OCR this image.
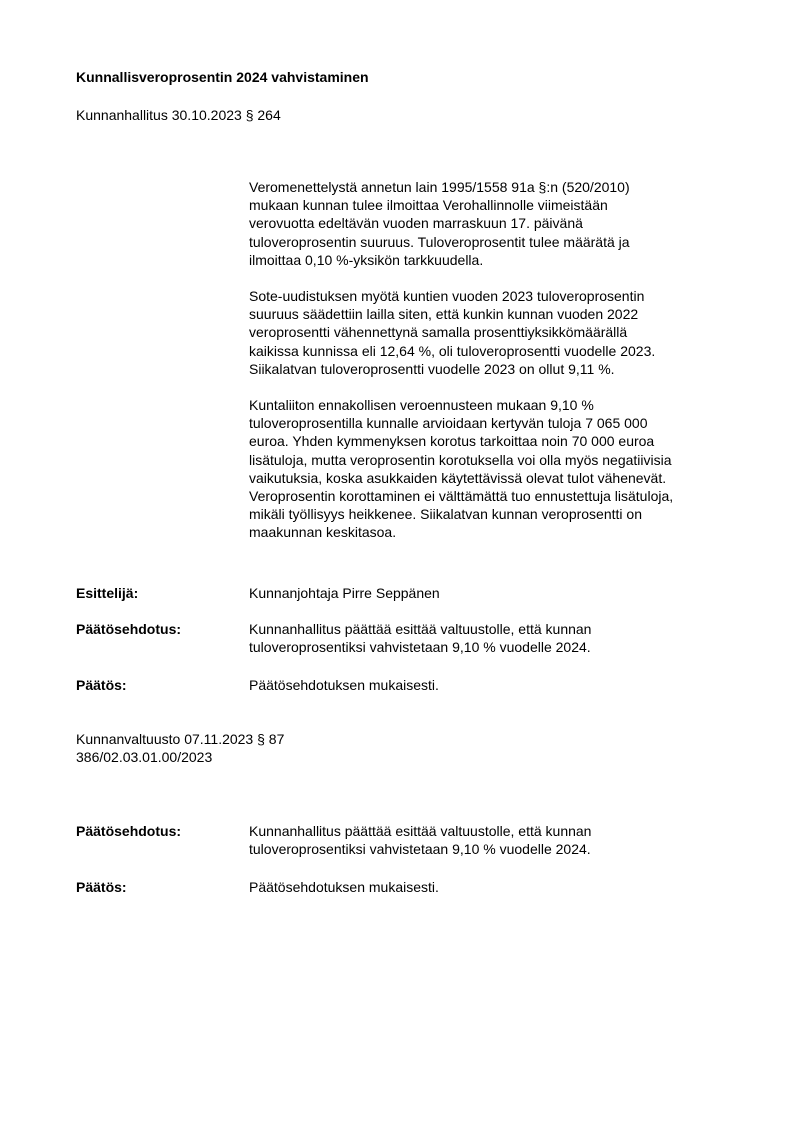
Kunnallisveroprosentin 2024 vahvistaminen
Kunnanhallitus 30.10.2023 § 264

Veromenettelystä annetun lain 1995/1558 91a §:n (520/2010)
mukaan kunnan tulee ilmoittaa Verohallinnolle viimeistään
verovuotta edeltävän vuoden marraskuun 17. päivänä
tuloveroprosentin suuruus. Tuloveroprosentit tulee määrätä ja
ilmoittaa 0,10 %-yksikön tarkkuudella.

Sote-uudistuksen myötä kuntien vuoden 2023 tuloveroprosentin
suuruus säädettiin lailla siten, että kunkin kunnan vuoden 2022
veroprosentti vähennettynä samalla prosenttiyksikkömäärällä
kaikissa kunnissa eli 12,64 %, oli tuloveroprosentti vuodelle 2023.
Siikalatvan tuloveroprosentti vuodelle 2023 on ollut 9,11 %.

Kuntaliiton ennakollisen veroennusteen mukaan 9,10 %
tuloveroprosentilla kunnalle arvioidaan kertyvän tuloja 7 065 000
euroa. Yhden kymmenyksen korotus tarkoittaa noin 70 000 euroa
lisätuloja, mutta veroprosentin korotuksella voi olla myös negatiivisia
vaikutuksia, koska asukkaiden käytettävissä olevat tulot vähenevät.
Veroprosentin korottaminen ei välttämättä tuo ennustettuja lisätuloja,
mikäli työllisyys heikkenee. Siikalatvan kunnan veroprosentti on
maakunnan keskitasoa.

Esittelijä:	Kunnanjohtaja Pirre Seppänen
Päätösehdotus:	Kunnanhallitus päättää esittää valtuustolle, että kunnan
tuloveroprosentiksi vahvistetaan 9,10 % vuodelle 2024.
Päätös:	Päätösehdotuksen mukaisesti.
Kunnanvaltuusto 07.11.2023 § 87
386/02.03.01.00/2023
Päätösehdotus:	Kunnanhallitus päättää esittää valtuustolle, että kunnan
tuloveroprosentiksi vahvistetaan 9,10 % vuodelle 2024.
Päätös:	Päätösehdotuksen mukaisesti.
